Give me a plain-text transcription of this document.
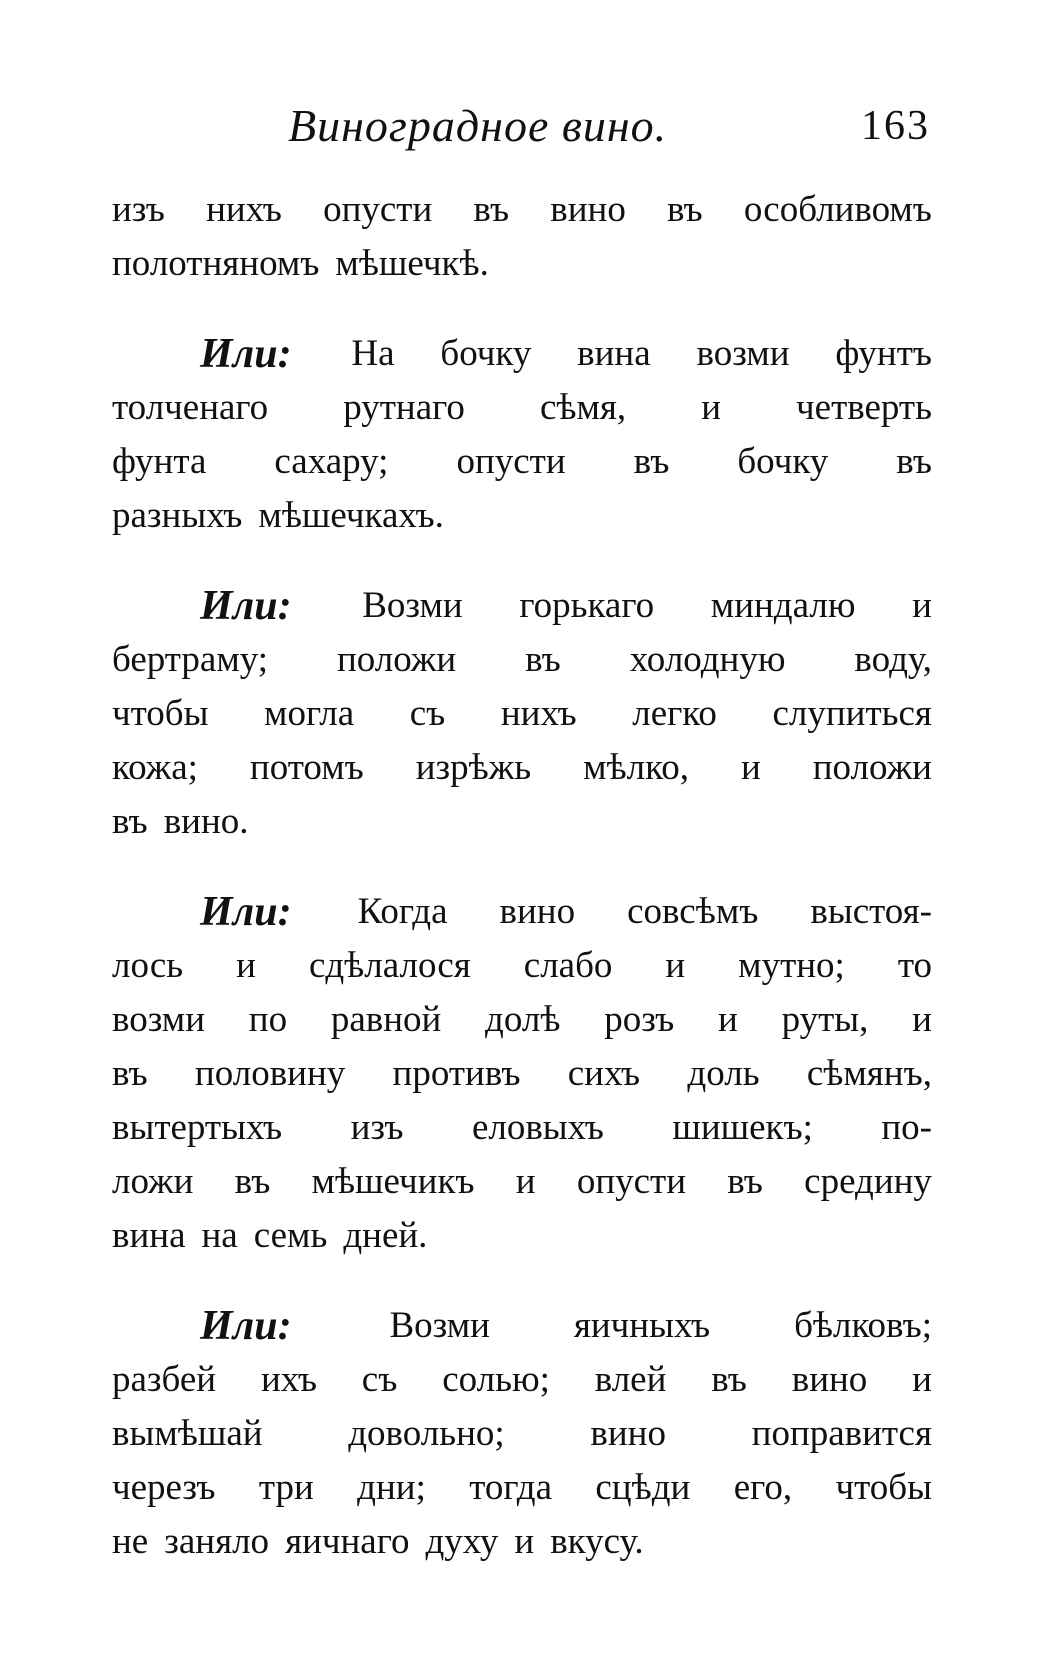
Виноградное вино.	163
изъ нихъ опусти въ вино въ особливомъ
полотняномъ мѣшечкѣ.
Или: На бочку вина возми фунтъ
толченаго рутнаго сѣмя, и четверть
фунта сахару; опусти въ бочку въ
разныхъ мѣшечкахъ.
Или: Возми горькаго миндалю и
бертраму; положи въ холодную воду,
чтобы могла съ нихъ легко слупиться
кожа; потомъ изрѣжь мѣлко, и положи
въ вино.
Или: Когда вино совсѣмъ выстоя-
лось и сдѣлалося слабо и мутно; то
возми по равной долѣ розъ и руты, и
въ половину противъ сихъ доль сѣмянъ,
вытертыхъ изъ еловыхъ шишекъ; по-
ложи въ мѣшечикъ и опусти въ средину
вина на семь дней.
Или:	Возми яичныхъ бѣлковъ;
разбей ихъ съ солью; влей въ вино и
вымѣшай довольно; вино поправится
черезъ три дни; тогда сцѣди его, чтобы
не заняло яичнаго духу и вкусу.
